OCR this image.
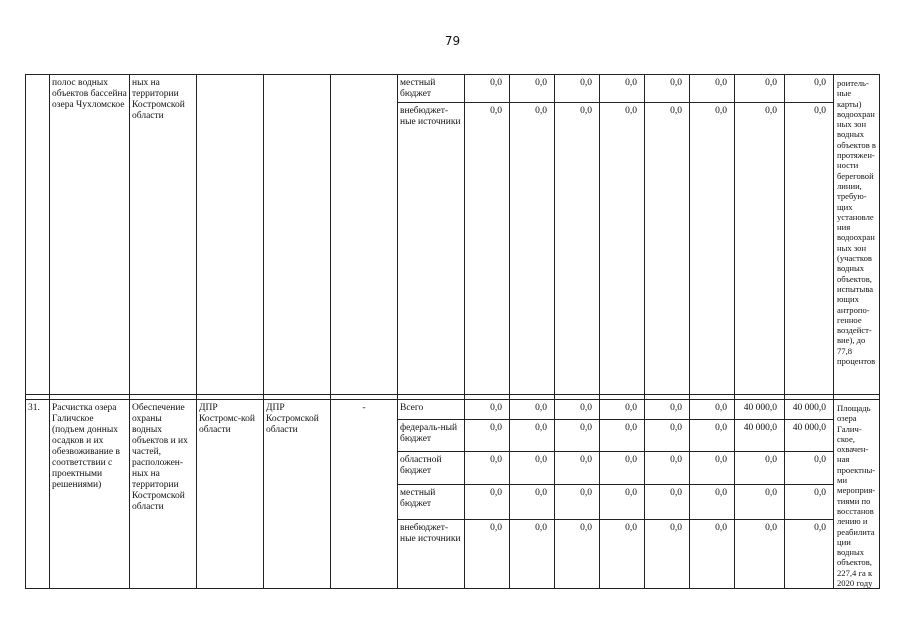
79
	полос водных объектов бассейна озера Чухломское	ных на территории Костромской области				местный бюджет	0,0	0,0	0,0	0,0	0,0	0,0	0,0	0,0	роитель-ные карты) водоохран ных зон водных объектов в протяжен-ности береговой линии, требую-щих установле ния водоохран ных зон (участков водных объектов, испытыва ющих антропо-генное воздейст-вие), до 77,8 процентов
						внебюджет-ные источники	0,0	0,0	0,0	0,0	0,0	0,0	0,0	0,0	

31.	Расчистка озера Галичское (подъем донных осадков и их обезвоживание в соответствии с проектными решениями)	Обеспечение охраны водных объектов и их частей, расположен-ных на территории Костромской области	ДПР Костромс-кой области	ДПР Костромской области	-	Всего	0,0	0,0	0,0	0,0	0,0	0,0	40 000,0	40 000,0	Площадь озера Галич-ское, охвачен-ная проектны-ми мероприя-тиями по восстанов лению и реабилита ции водных объектов, 227,4 га к 2020 году
						федераль-ный бюджет	0,0	0,0	0,0	0,0	0,0	0,0	40 000,0	40 000,0	
						областной бюджет	0,0	0,0	0,0	0,0	0,0	0,0	0,0	0,0	
						местный бюджет	0,0	0,0	0,0	0,0	0,0	0,0	0,0	0,0	
						внебюджет-ные источники	0,0	0,0	0,0	0,0	0,0	0,0	0,0	0,0	
